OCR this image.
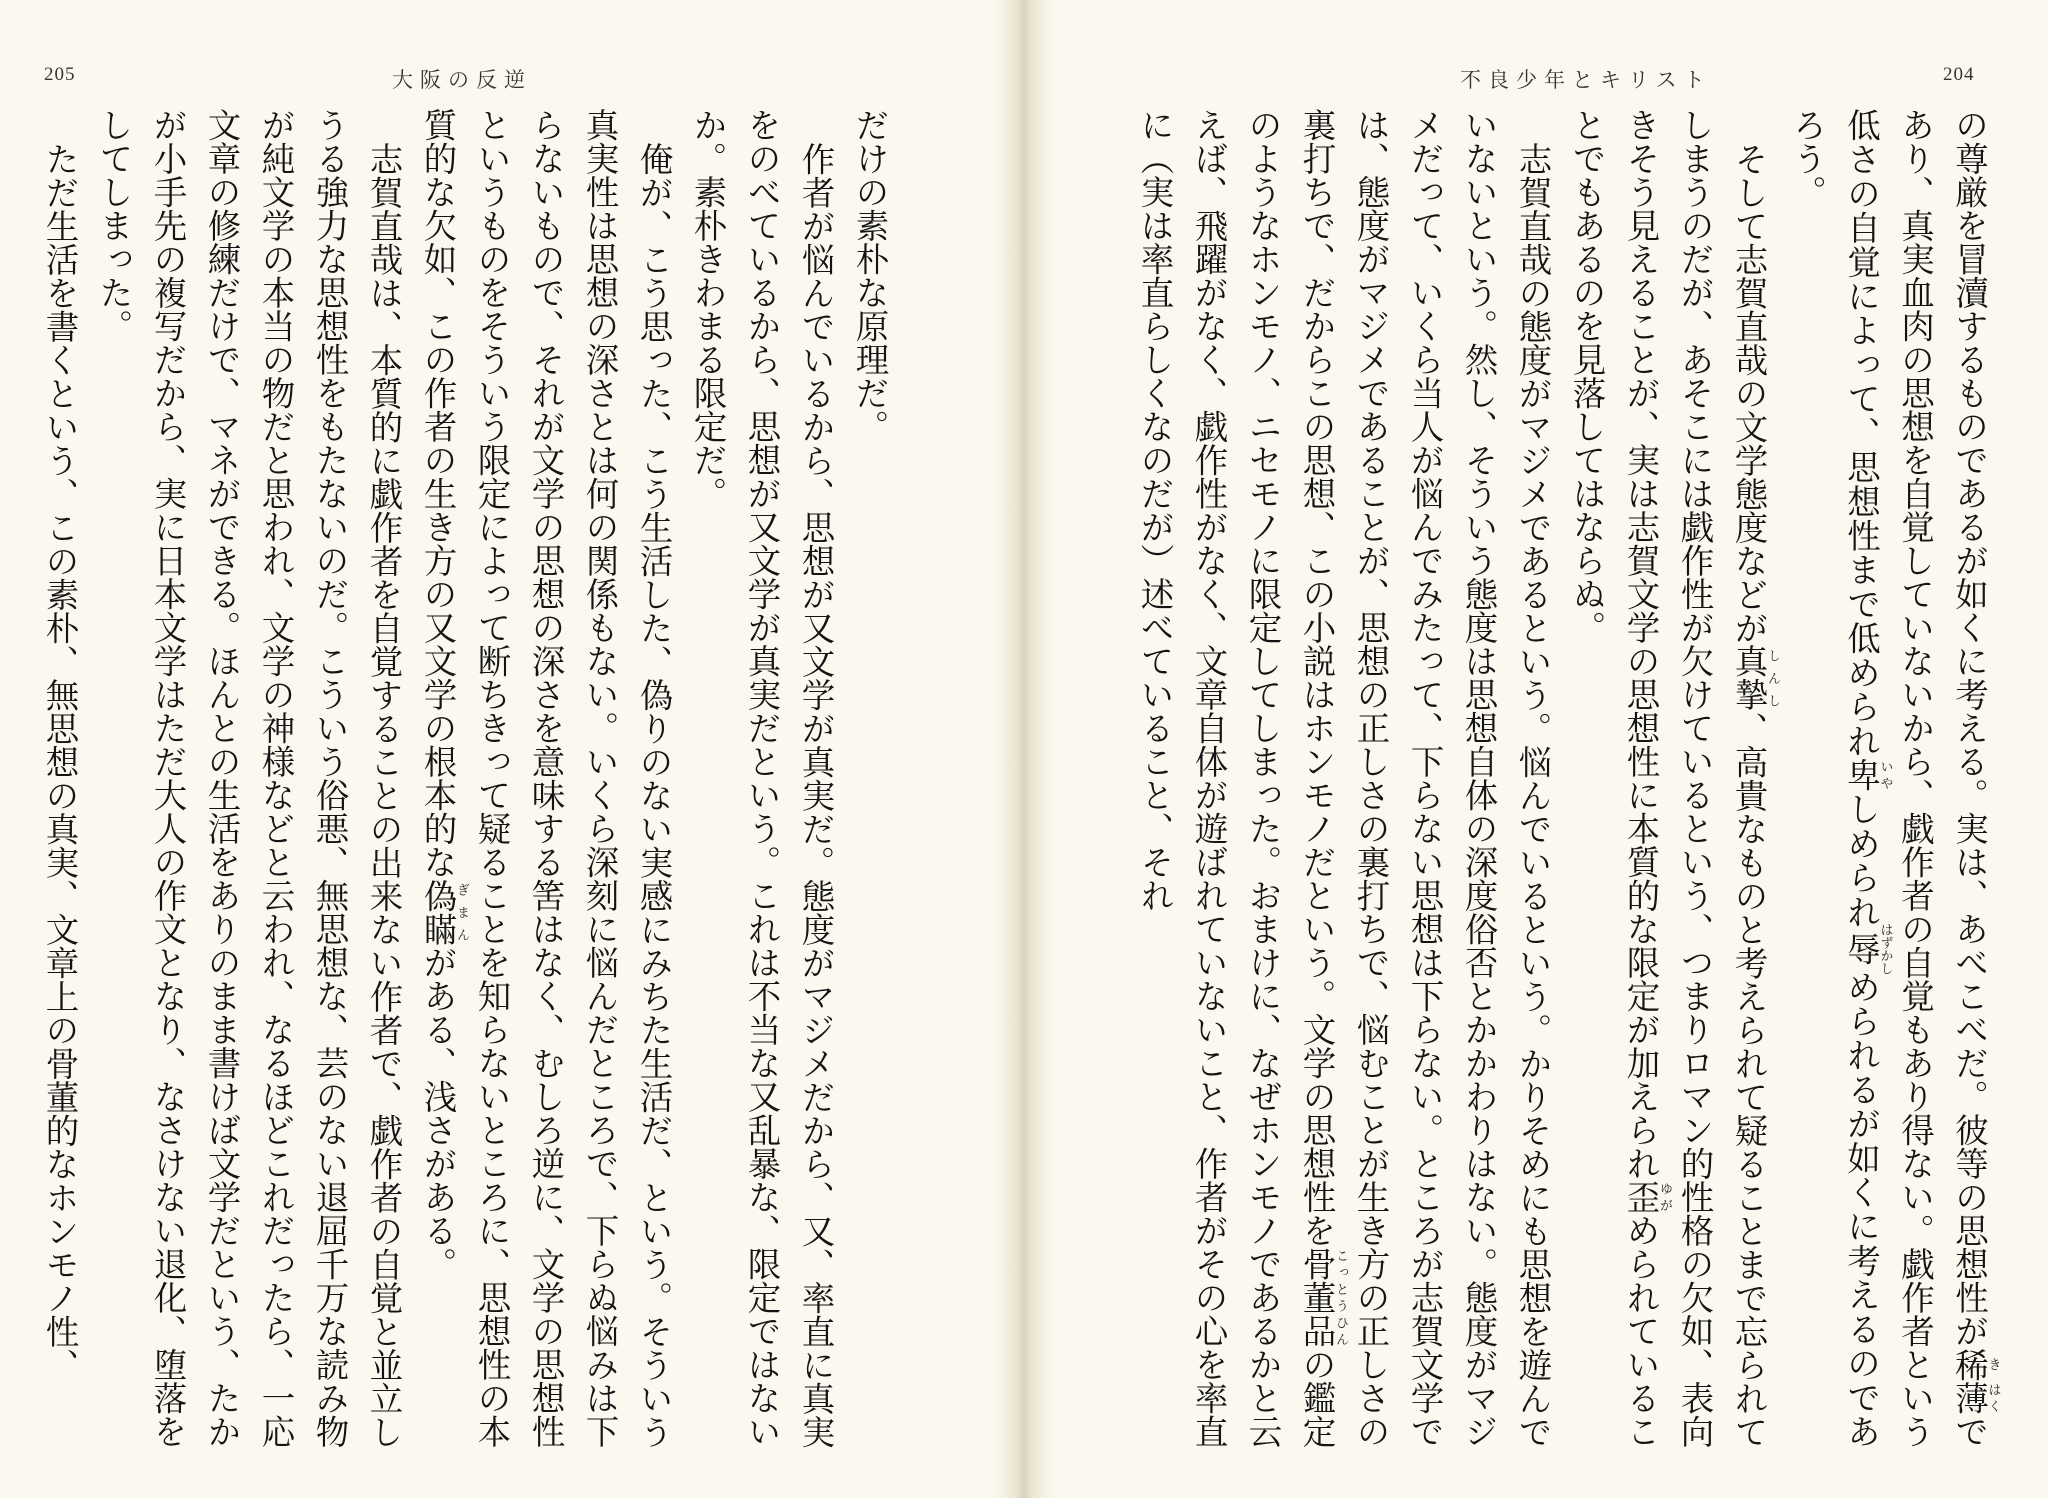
205	大阪の反逆

だけの素朴な原理だ。

作者が悩んでいるから、思想が又文学が真実だ。態度がマジメだから、又、率直に真実をのべているから、思想が又文学が真実だという。これは不当な又乱暴な、限定ではないか。素朴きわまる限定だ。

俺が、こう思った、こう生活した、偽りのない実感にみちた生活だ、という。そういう真実性は思想の深さとは何の関係もない。いくら深刻に悩んだところで、下らぬ悩みは下らないもので、それが文学の思想の深さを意味する筈はなく、むしろ逆に、文学の思想性というものをそういう限定によって断ちきって疑ることを知らないところに、思想性の本質的な欠如、この作者の生き方の又文学の根本的な偽瞞ぎまんがある、浅さがある。

志賀直哉は、本質的に戯作者を自覚することの出来ない作者で、戯作者の自覚と並立しうる強力な思想性をもたないのだ。こういう俗悪、無思想な、芸のない退屈千万な読み物が純文学の本当の物だと思われ、文学の神様などと云われ、なるほどこれだったら、一応文章の修練だけで、マネができる。ほんとの生活をありのまま書けば文学だという、たかが小手先の複写だから、実に日本文学はただ大人の作文となり、なさけない退化、堕落をしてしまった。

ただ生活を書くという、この素朴、無思想の真実、文章上の骨董的なホンモノ性、

不良少年とキリスト	204

の尊厳を冒瀆するものであるが如くに考える。実は、あべこべだ。彼等の思想性が稀き薄はくであり、真実血肉の思想を自覚していないから、戯作者の自覚もあり得ない。戯作者という低さの自覚によって、思想性まで低められ卑いやしめられ辱はずかしめられるが如くに考えるのであろう。

そして志賀直哉の文学態度などが真摯しんし、高貴なものと考えられて疑ることまで忘られてしまうのだが、あそこには戯作性が欠けているという、つまりロマン的性格の欠如、表向きそう見えることが、実は志賀文学の思想性に本質的な限定が加えられ歪ゆがめられていることでもあるのを見落してはならぬ。

志賀直哉の態度がマジメであるという。悩んでいるという。かりそめにも思想を遊んでいないという。然し、そういう態度は思想自体の深度俗否とかかわりはない。態度がマジメだって、いくら当人が悩んでみたって、下らない思想は下らない。ところが志賀文学では、態度がマジメであることが、思想の正しさの裏打ちで、悩むことが生き方の正しさの裏打ちで、だからこの思想、この小説はホンモノだという。文学の思想性を骨董品こっとうひんの鑑定のようなホンモノ、ニセモノに限定してしまった。おまけに、なぜホンモノであるかと云えば、飛躍がなく、戯作性がなく、文章自体が遊ばれていないこと、作者がその心を率直に（実は率直らしくなのだが）述べていること、それ
